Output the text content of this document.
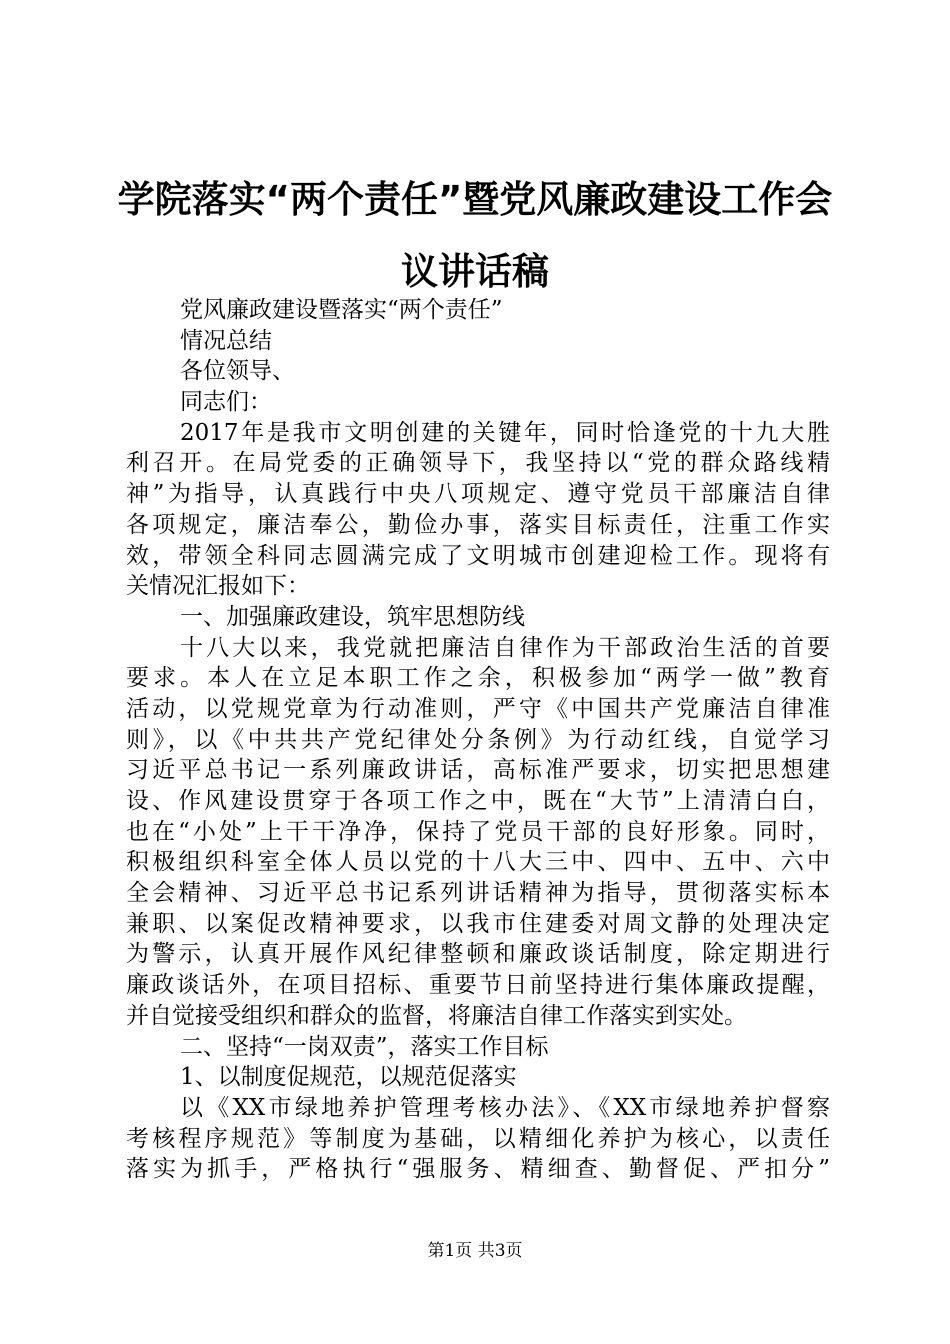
学院落实“两个责任”暨党风廉政建设工作会
议讲话稿
党风廉政建设暨落实“两个责任”
情况总结
各位领导、
同志们：
2017年是我市文明创建的关键年，同时恰逢党的十九大胜
利召开。在局党委的正确领导下，我坚持以“党的群众路线精
神”为指导，认真践行中央八项规定、遵守党员干部廉洁自律
各项规定，廉洁奉公，勤俭办事，落实目标责任，注重工作实
效，带领全科同志圆满完成了文明城市创建迎检工作。现将有
关情况汇报如下：
一、加强廉政建设，筑牢思想防线
十八大以来，我党就把廉洁自律作为干部政治生活的首要
要求。本人在立足本职工作之余，积极参加“两学一做”教育
活动，以党规党章为行动准则，严守《中国共产党廉洁自律准
则》，以《中共共产党纪律处分条例》为行动红线，自觉学习
习近平总书记一系列廉政讲话，高标准严要求，切实把思想建
设、作风建设贯穿于各项工作之中，既在“大节”上清清白白，
也在“小处”上干干净净，保持了党员干部的良好形象。同时，
积极组织科室全体人员以党的十八大三中、四中、五中、六中
全会精神、习近平总书记系列讲话精神为指导，贯彻落实标本
兼职、以案促改精神要求，以我市住建委对周文静的处理决定
为警示，认真开展作风纪律整顿和廉政谈话制度，除定期进行
廉政谈话外，在项目招标、重要节日前坚持进行集体廉政提醒，
并自觉接受组织和群众的监督，将廉洁自律工作落实到实处。
二、坚持“一岗双责”，落实工作目标
1、以制度促规范，以规范促落实
以《XX市绿地养护管理考核办法》、《XX市绿地养护督察
考核程序规范》等制度为基础，以精细化养护为核心，以责任
落实为抓手，严格执行“强服务、精细查、勤督促、严扣分”
第1页 共3页
